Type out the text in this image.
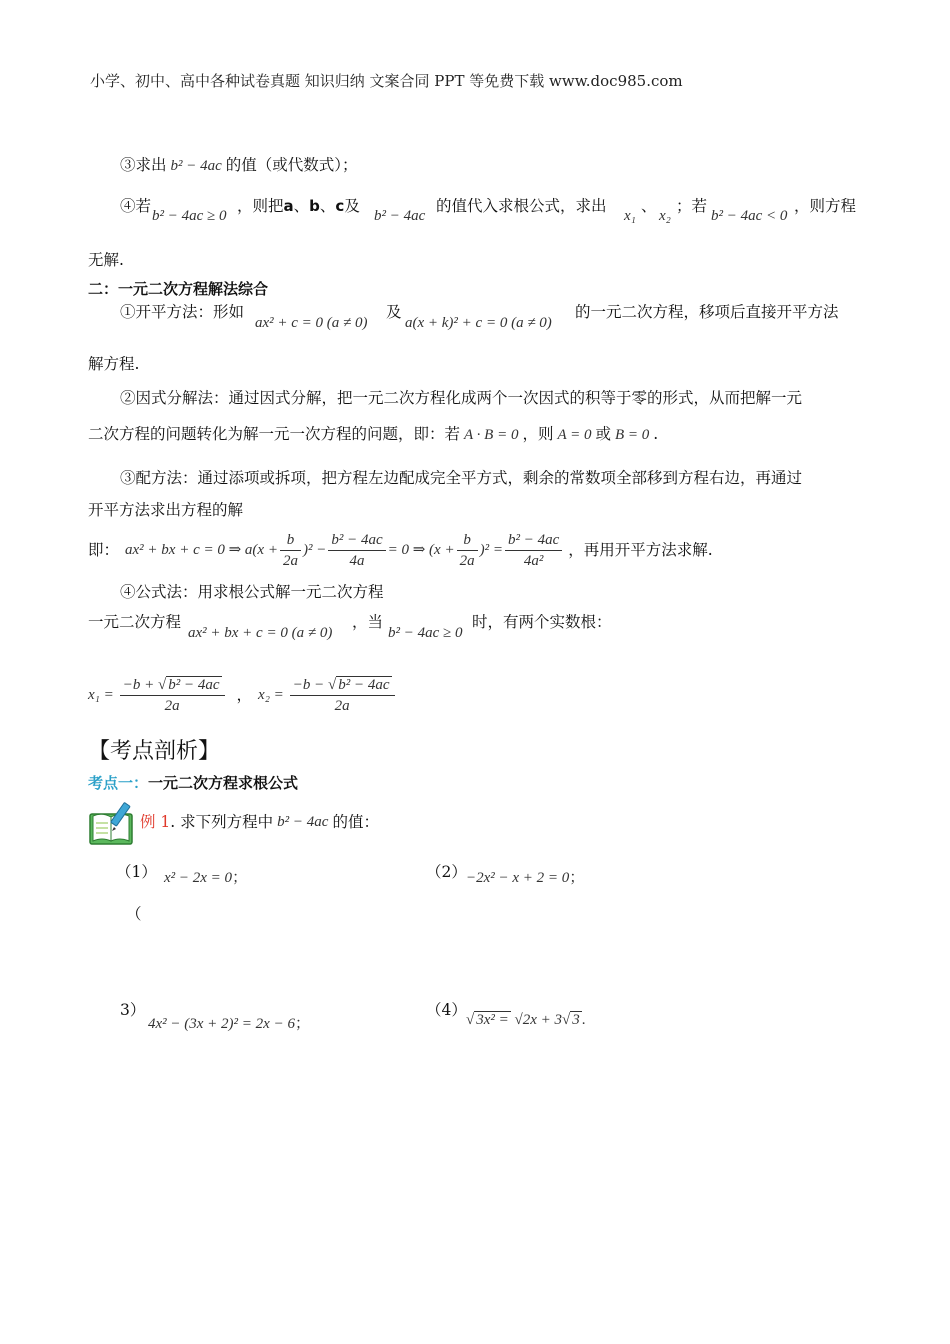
小学、初中、高中各种试卷真题 知识归纳 文案合同 PPT 等免费下载 www.doc985.com
③求出 b² − 4ac 的值（或代数式）；
④若
b² − 4ac ≥ 0
，则把a、b、c及
b² − 4ac
的值代入求根公式，求出
x₁
、
x₂
；若
b² − 4ac < 0
，则方程
无解.
二：一元二次方程解法综合
①开平方法：形如
ax² + c = 0 (a ≠ 0)
及
a(x + k)² + c = 0 (a ≠ 0)
的一元二次方程，移项后直接开平方法
解方程.
②因式分解法：通过因式分解，把一元二次方程化成两个一次因式的积等于零的形式，从而把解一元
二次方程的问题转化为解一元一次方程的问题，即：若 A · B = 0 ，则 A = 0 或 B = 0 .
③配方法：通过添项或拆项，把方程左边配成完全平方式，剩余的常数项全部移到方程右边，再通过
开平方法求出方程的解
即： ax² + bx + c = 0 ⇒ $a(x + \frac{b}{2a} )^2 - \frac{\text{b² − 4ac}}{4a} = 0$ ⇒ $(x + \frac{b}{2a} )^2 = \frac{\text{b² − 4ac}}{\text{4a²}}$ ，再用开平方法求解.
④公式法：用求根公式解一元二次方程
一元二次方程
ax² + bx + c = 0 (a ≠ 0)
，当
b² − 4ac ≥ 0
时，有两个实数根：
$x_1 = \frac{\text{−b + √ b² − 4ac}}{2a}$ ， $x_2 = \frac{\text{−b − √ b² − 4ac}}{2a}$
【考点剖析】
考点一：一元二次方程求根公式
例 1 . 求下列方程中 b² − 4ac 的值：
（1） x² − 2x = 0；	（2） −2x² − x + 2 = 0；
（
3）
4x² − (3x + 2)² = 2x − 6；
（4）
√ 3x² = √2x + 3√ 3 .
